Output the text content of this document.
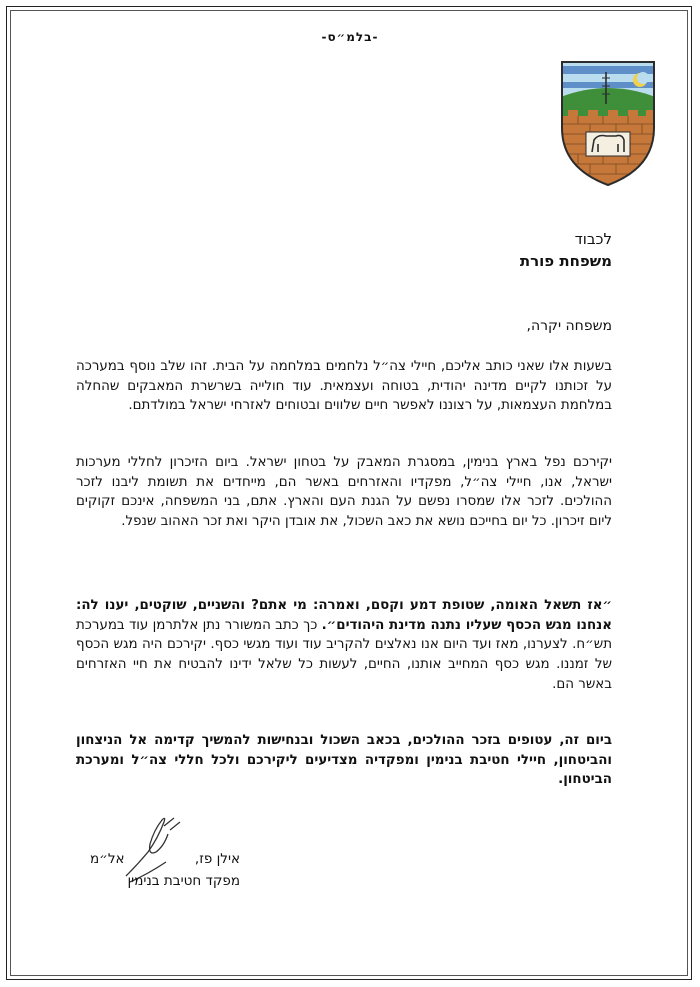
-בלמ״ס-
לכבוד
משפחת פורת
משפחה יקרה,
בשעות אלו שאני כותב אליכם, חיילי צה״ל נלחמים במלחמה על הבית. זהו שלב נוסף במערכה על זכותנו לקיים מדינה יהודית, בטוחה ועצמאית. עוד חולייה בשרשרת המאבקים שהחלה במלחמת העצמאות, על רצוננו לאפשר חיים שלווים ובטוחים לאזרחי ישראל במולדתם.
יקירכם נפל בארץ בנימין, במסגרת המאבק על בטחון ישראל. ביום הזיכרון לחללי מערכות ישראל, אנו, חיילי צה״ל, מפקדיו והאזרחים באשר הם, מייחדים את תשומת ליבנו לזכר ההולכים. לזכר אלו שמסרו נפשם על הגנת העם והארץ. אתם, בני המשפחה, אינכם זקוקים ליום זיכרון. כל יום בחייכם נושא את כאב השכול, את אובדן היקר ואת זכר האהוב שנפל.
״אז תשאל האומה, שטופת דמע וקסם, ואמרה: מי אתם? והשניים, שוקטים, יענו לה: אנחנו מגש הכסף שעליו נתנה מדינת היהודים״. כך כתב המשורר נתן אלתרמן עוד במערכת תש״ח. לצערנו, מאז ועד היום אנו נאלצים להקריב עוד ועוד מגשי כסף. יקירכם היה מגש הכסף של זמננו. מגש כסף המחייב אותנו, החיים, לעשות כל שלאל ידינו להבטיח את חיי האזרחים באשר הם.
ביום זה, עטופים בזכר ההולכים, בכאב השכול ובנחישות להמשיך קדימה אל הניצחון והביטחון, חיילי חטיבת בנימין ומפקדיה מצדיעים ליקירכם ולכל חללי צה״ל ומערכת הביטחון.
אילן פז,
מפקד חטיבת בנימין
אל״מ
